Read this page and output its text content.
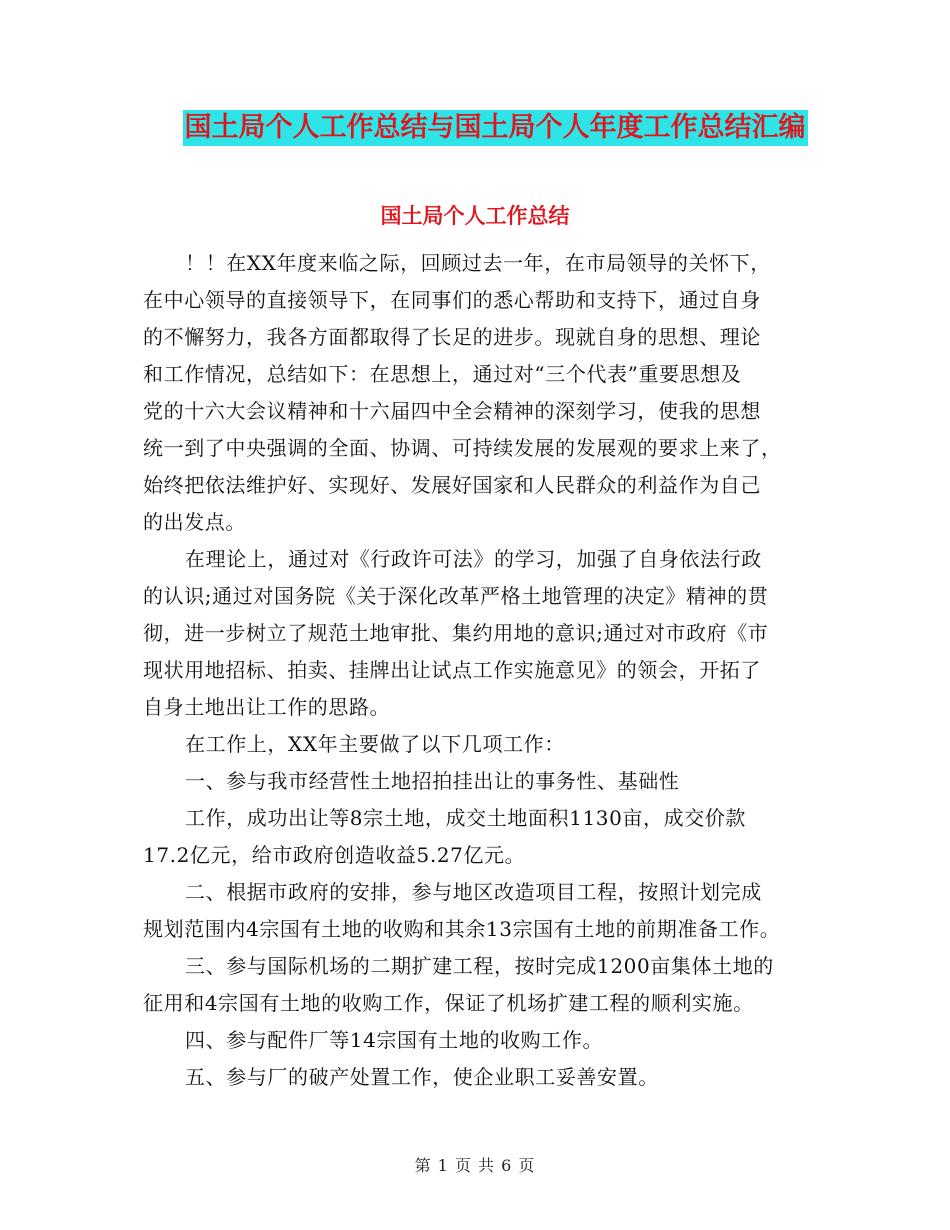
国土局个人工作总结与国土局个人年度工作总结汇编
国土局个人工作总结
！！在XX年度来临之际，回顾过去一年，在市局领导的关怀下，
在中心领导的直接领导下，在同事们的悉心帮助和支持下，通过自身
的不懈努力，我各方面都取得了长足的进步。现就自身的思想、理论
和工作情况，总结如下：在思想上，通过对“三个代表”重要思想及
党的十六大会议精神和十六届四中全会精神的深刻学习，使我的思想
统一到了中央强调的全面、协调、可持续发展的发展观的要求上来了，
始终把依法维护好、实现好、发展好国家和人民群众的利益作为自己
的出发点。
在理论上，通过对《行政许可法》的学习，加强了自身依法行政
的认识;通过对国务院《关于深化改革严格土地管理的决定》精神的贯
彻，进一步树立了规范土地审批、集约用地的意识;通过对市政府《市
现状用地招标、拍卖、挂牌出让试点工作实施意见》的领会，开拓了
自身土地出让工作的思路。
在工作上，XX年主要做了以下几项工作：
一、参与我市经营性土地招拍挂出让的事务性、基础性
工作，成功出让等8宗土地，成交土地面积1130亩，成交价款
17.2亿元，给市政府创造收益5.27亿元。
二、根据市政府的安排，参与地区改造项目工程，按照计划完成
规划范围内4宗国有土地的收购和其余13宗国有土地的前期准备工作。
三、参与国际机场的二期扩建工程，按时完成1200亩集体土地的
征用和4宗国有土地的收购工作，保证了机场扩建工程的顺利实施。
四、参与配件厂等14宗国有土地的收购工作。
五、参与厂的破产处置工作，使企业职工妥善安置。
第 1 页 共 6 页
